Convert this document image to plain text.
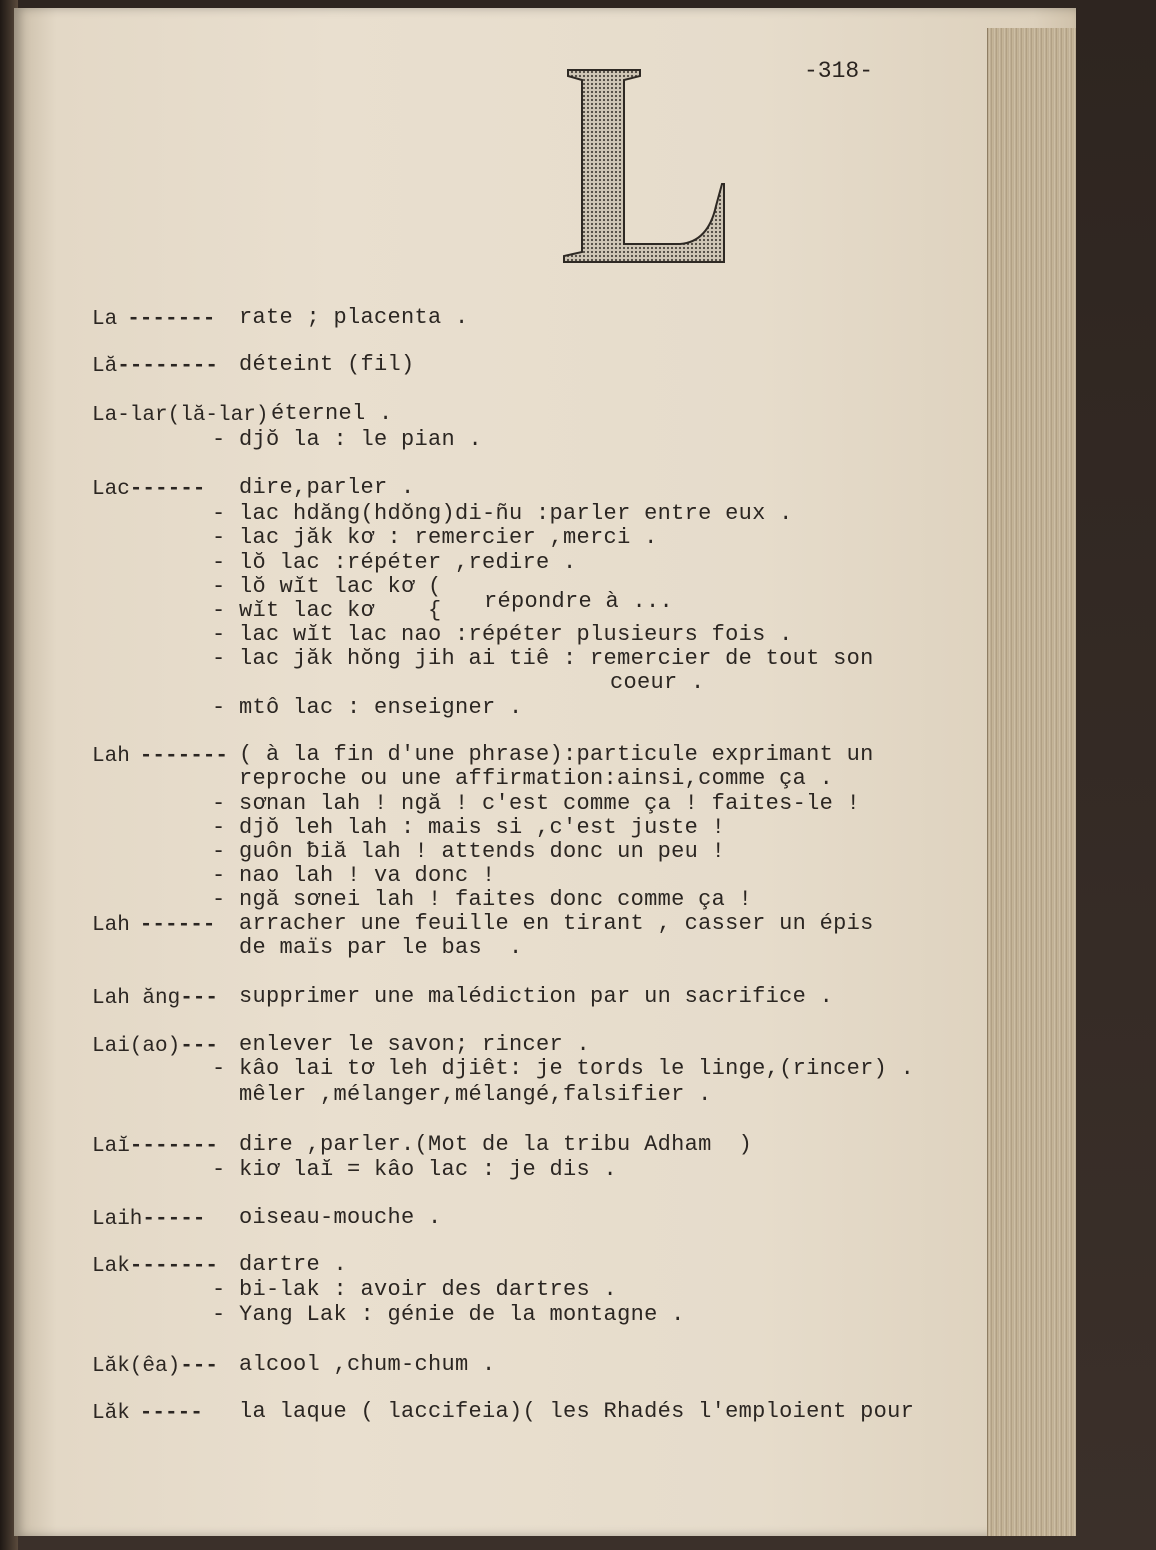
-318-
L
La ------- rate ; placenta .
Lă -------- déteint (fil)
La-lar(lă-lar) éternel .
- djŏ la : le pian .
Lac ------ dire,parler .
- lac hdăng(hdŏng)di-ñu :parler entre eux .
- lac jăk kơ : remercier ,merci .
- lŏ lac :répéter ,redire .
- lŏ wĭt lac kơ (
répondre à ...
- wĭt lac kơ    {
- lac wĭt lac nao :répéter plusieurs fois .
- lac jăk hŏng jih ai tiê : remercier de tout son
coeur .
- mtô lac : enseigner .
Lah ------- ( à la fin d'une phrase):particule exprimant un
reproche ou une affirmation:ainsi,comme ça .
- sơnan lah ! ngă ! c'est comme ça ! faites-le !
- djŏ leh lah : mais si ,c'est juste !
- guôn ƀiă lah ! attends donc un peu !
- nao lah ! va donc !
- ngă sơnei lah ! faites donc comme ça !
Lah ------ arracher une feuille en tirant , casser un épis
de maïs par le bas  .
Lah ăng --- supprimer une malédiction par un sacrifice .
Lai(ao) --- enlever le savon; rincer .
- kâo lai tơ leh djiêt: je tords le linge,(rincer) .
mêler ,mélanger,mélangé,falsifier .
Laĭ ------- dire ,parler.(Mot de la tribu Adham  )
- kiơ laĭ = kâo lac : je dis .
Laih ----- oiseau-mouche .
Lak ------- dartre .
- bi-lak : avoir des dartres .
- Yang Lak : génie de la montagne .
Lăk(êa) --- alcool ,chum-chum .
Lăk ----- la laque ( laccifeia)( les Rhadés l'emploient pour
